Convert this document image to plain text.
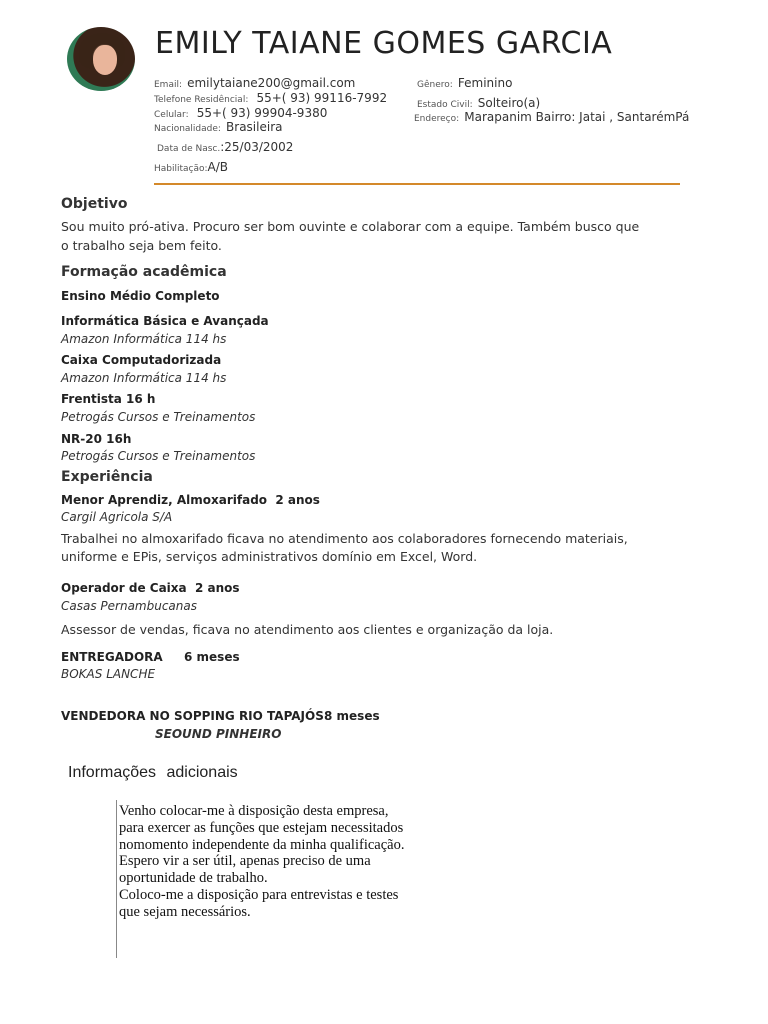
EMILY TAIANE GOMES GARCIA
Email: emilytaiane200@gmail.com
Telefone Residêncial: 55+( 93) 99116-7992
Celular: 55+( 93) 99904-9380
Nacionalidade: Brasileira
Data de Nasc.:25/03/2002
Habilitação:A/B
Gênero: Feminino
Estado Civil: Solteiro(a)
Endereço: Marapanim Bairro: Jatai , SantarémPá
Objetivo
Sou muito pró-ativa. Procuro ser bom ouvinte e colaborar com a equipe. Também busco que o trabalho seja bem feito.
Formação acadêmica
Ensino Médio Completo
Informática Básica e Avançada
Amazon Informática 114 hs
Caixa Computadorizada
Amazon Informática 114 hs
Frentista 16 h
Petrogás Cursos e Treinamentos
NR-20 16h
Petrogás Cursos e Treinamentos
Experiência
Menor Aprendiz, Almoxarifado  2 anos
Cargil Agricola S/A
Trabalhei no almoxarifado ficava no atendimento aos colaboradores fornecendo materiais, uniforme e EPis, serviços administrativos domínio em Excel, Word.
Operador de Caixa  2 anos
Casas Pernambucanas
Assessor de vendas, ficava no atendimento aos clientes e organização da loja.
ENTREGADORA 6 meses
BOKAS LANCHE
VENDEDORA NO SOPPING RIO TAPAJÓS 8 meses
SEOUND PINHEIRO
Informações adicionais
Venho colocar-me à disposição desta empresa, para exercer as funções que estejam necessitados nomomento independente da minha qualificação. Espero vir a ser útil, apenas preciso de uma oportunidade de trabalho.
Coloco-me a disposição para entrevistas e testes que sejam necessários.
